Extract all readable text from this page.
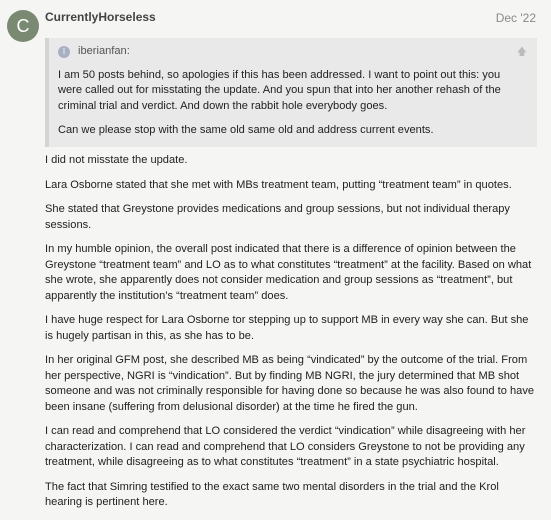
C	CurrentlyHorseless	Dec '22
I	iberianfan:	🡅

I am 50 posts behind, so apologies if this has been addressed. I want to point out this: you were called out for misstating the update. And you spun that into her another rehash of the criminal trial and verdict. And down the rabbit hole everybody goes.

Can we please stop with the same old same old and address current events.

I did not misstate the update.

Lara Osborne stated that she met with MBs treatment team, putting “treatment team” in quotes.

She stated that Greystone provides medications and group sessions, but not individual therapy sessions.

In my humble opinion, the overall post indicated that there is a difference of opinion between the Greystone “treatment team” and LO as to what constitutes “treatment” at the facility. Based on what she wrote, she apparently does not consider medication and group sessions as “treatment”, but apparently the institution’s “treatment team” does.

I have huge respect for Lara Osborne tor stepping up to support MB in every way she can. But she is hugely partisan in this, as she has to be.

In her original GFM post, she described MB as being “vindicated” by the outcome of the trial. From her perspective, NGRI is “vindication”. But by finding MB NGRI, the jury determined that MB shot someone and was not criminally responsible for having done so because he was also found to have been insane (suffering from delusional disorder) at the time he fired the gun.

I can read and comprehend that LO considered the verdict “vindication” while disagreeing with her characterization. I can read and comprehend that LO considers Greystone to not be providing any treatment, while disagreeing as to what constitutes “treatment” in a state psychiatric hospital.

The fact that Simring testified to the exact same two mental disorders in the trial and the Krol hearing is pertinent here.
